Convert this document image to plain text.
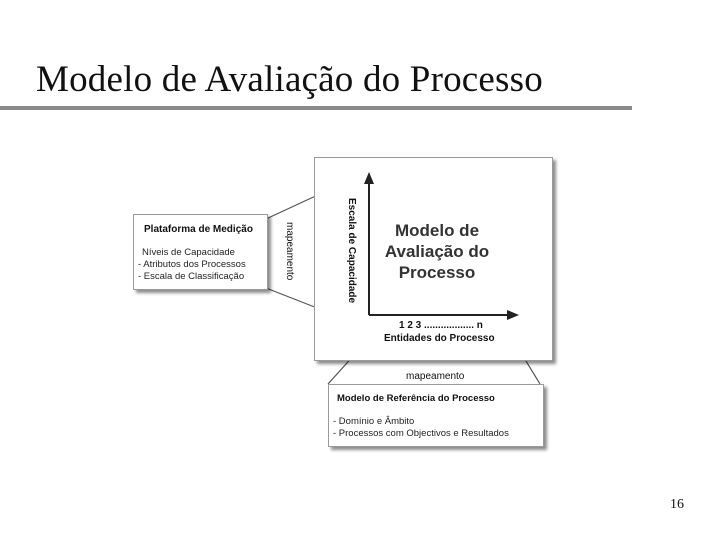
Modelo de Avaliação do Processo
Plataforma de Medição
Níveis de Capacidade
- Atributos dos Processos
- Escala de Classificação	mapeamento	Escala de Capacidade	Modelo de
Avaliação do
Processo
1 2 3 .................. n
Entidades do Processo
mapeamento
Modelo de Referência do Processo
- Domínio e Âmbito
- Processos com Objectivos e Resultados
16
